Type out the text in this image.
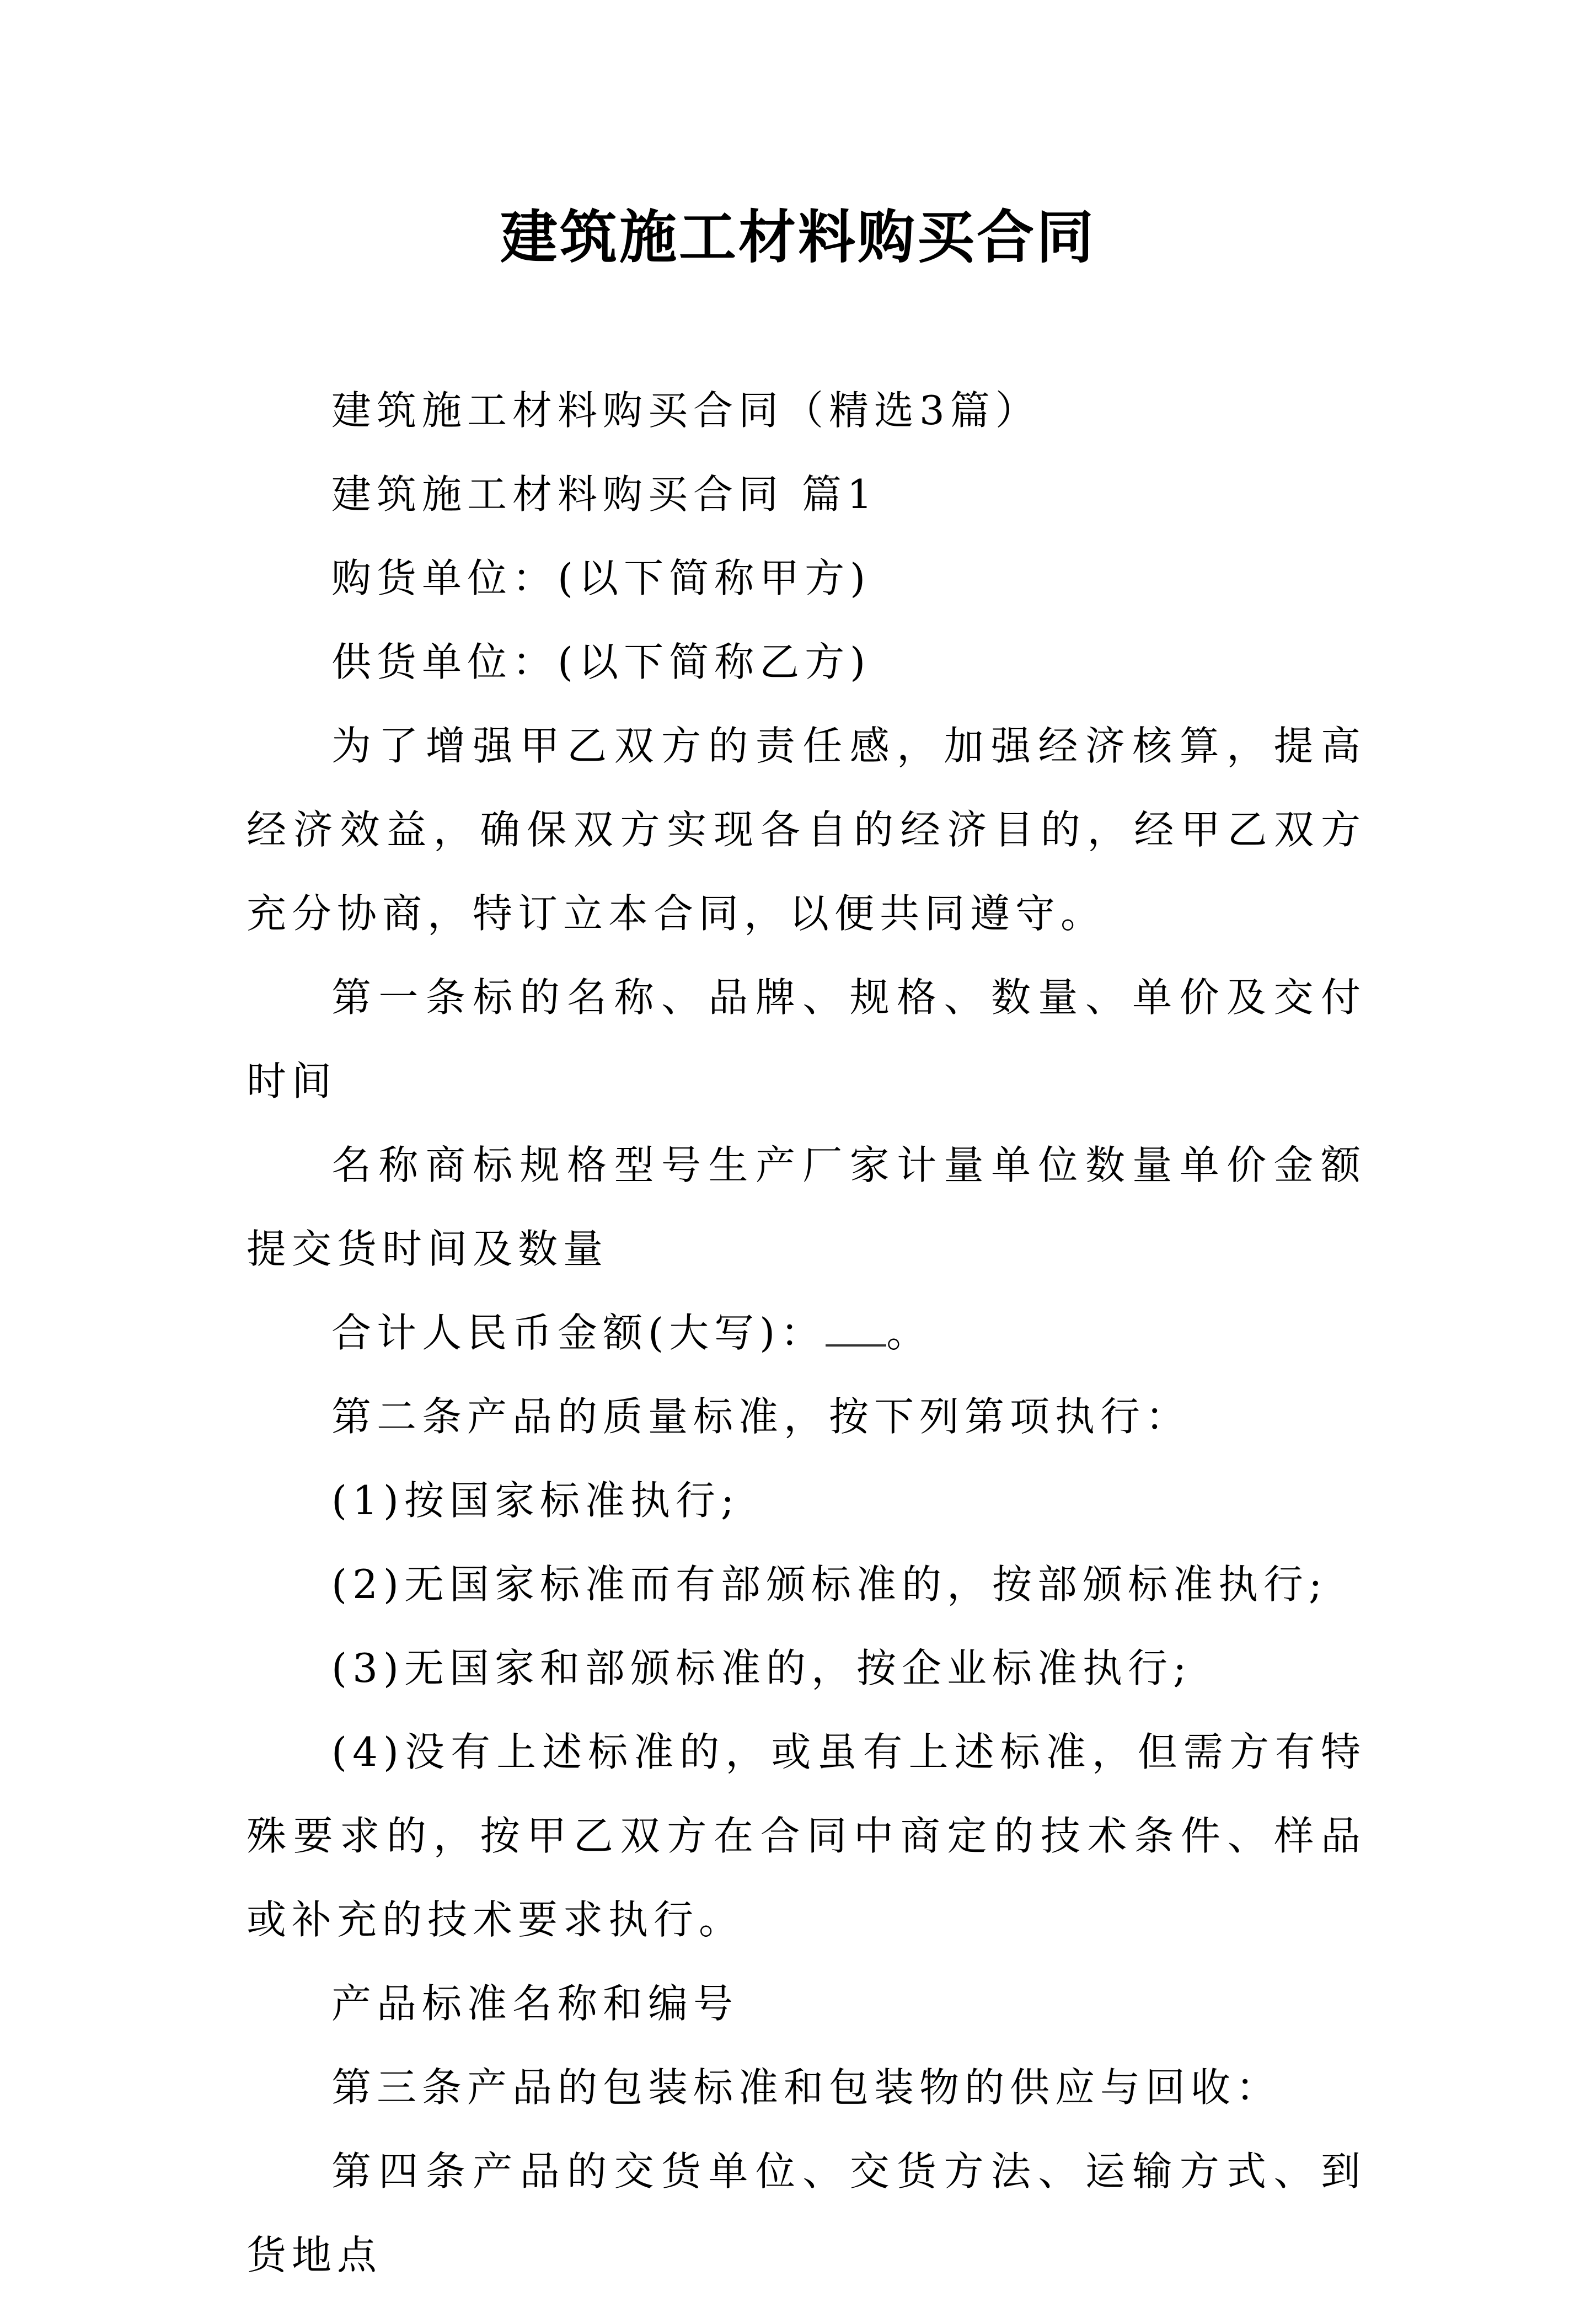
建筑施工材料购买合同

建筑施工材料购买合同（精选3篇）

建筑施工材料购买合同 篇1

购货单位：(以下简称甲方)

供货单位：(以下简称乙方)

为了增强甲乙双方的责任感，加强经济核算，提高经济效益，确保双方实现各自的经济目的，经甲乙双方充分协商，特订立本合同，以便共同遵守。

第一条标的名称、品牌、规格、数量、单价及交付时间

名称商标规格型号生产厂家计量单位数量单价金额提交货时间及数量

合计人民币金额(大写)： 。

第二条产品的质量标准，按下列第项执行：

(1)按国家标准执行;

(2)无国家标准而有部颁标准的，按部颁标准执行;

(3)无国家和部颁标准的，按企业标准执行;

(4)没有上述标准的，或虽有上述标准，但需方有特殊要求的，按甲乙双方在合同中商定的技术条件、样品或补充的技术要求执行。

产品标准名称和编号

第三条产品的包装标准和包装物的供应与回收：

第四条产品的交货单位、交货方法、运输方式、到货地点
